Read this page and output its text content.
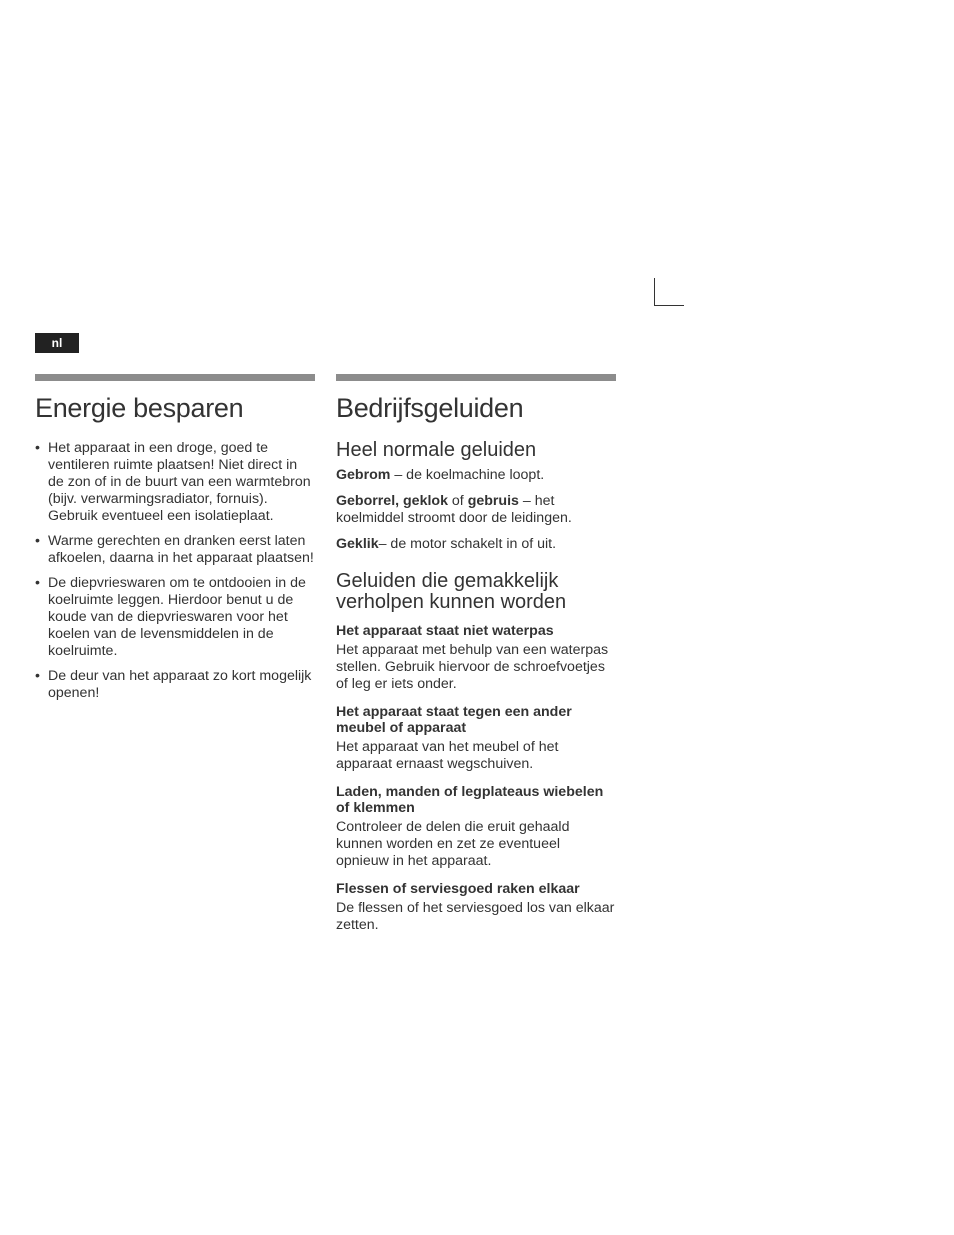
nl
Energie besparen
• Het apparaat in een droge, goed te ventileren ruimte plaatsen! Niet direct in de zon of in de buurt van een warmtebron (bijv. verwarmingsradiator, fornuis). Gebruik eventueel een isolatieplaat.
• Warme gerechten en dranken eerst laten afkoelen, daarna in het apparaat plaatsen!
• De diepvrieswaren om te ontdooien in de koelruimte leggen. Hierdoor benut u de koude van de diepvrieswaren voor het koelen van de levensmiddelen in de koelruimte.
• De deur van het apparaat zo kort mogelijk openen!
Bedrijfsgeluiden
Heel normale geluiden

Gebrom – de koelmachine loopt.

Geborrel, geklok of gebruis – het koelmiddel stroomt door de leidingen.

Geklik– de motor schakelt in of uit.

Geluiden die gemakkelijk verholpen kunnen worden
Het apparaat staat niet waterpas

Het apparaat met behulp van een waterpas stellen. Gebruik hiervoor de schroefvoetjes of leg er iets onder.

Het apparaat staat tegen een ander meubel of apparaat

Het apparaat van het meubel of het apparaat ernaast wegschuiven.

Laden, manden of legplateaus wiebelen of klemmen

Controleer de delen die eruit gehaald kunnen worden en zet ze eventueel opnieuw in het apparaat.

Flessen of serviesgoed raken elkaar

De flessen of het serviesgoed los van elkaar zetten.
